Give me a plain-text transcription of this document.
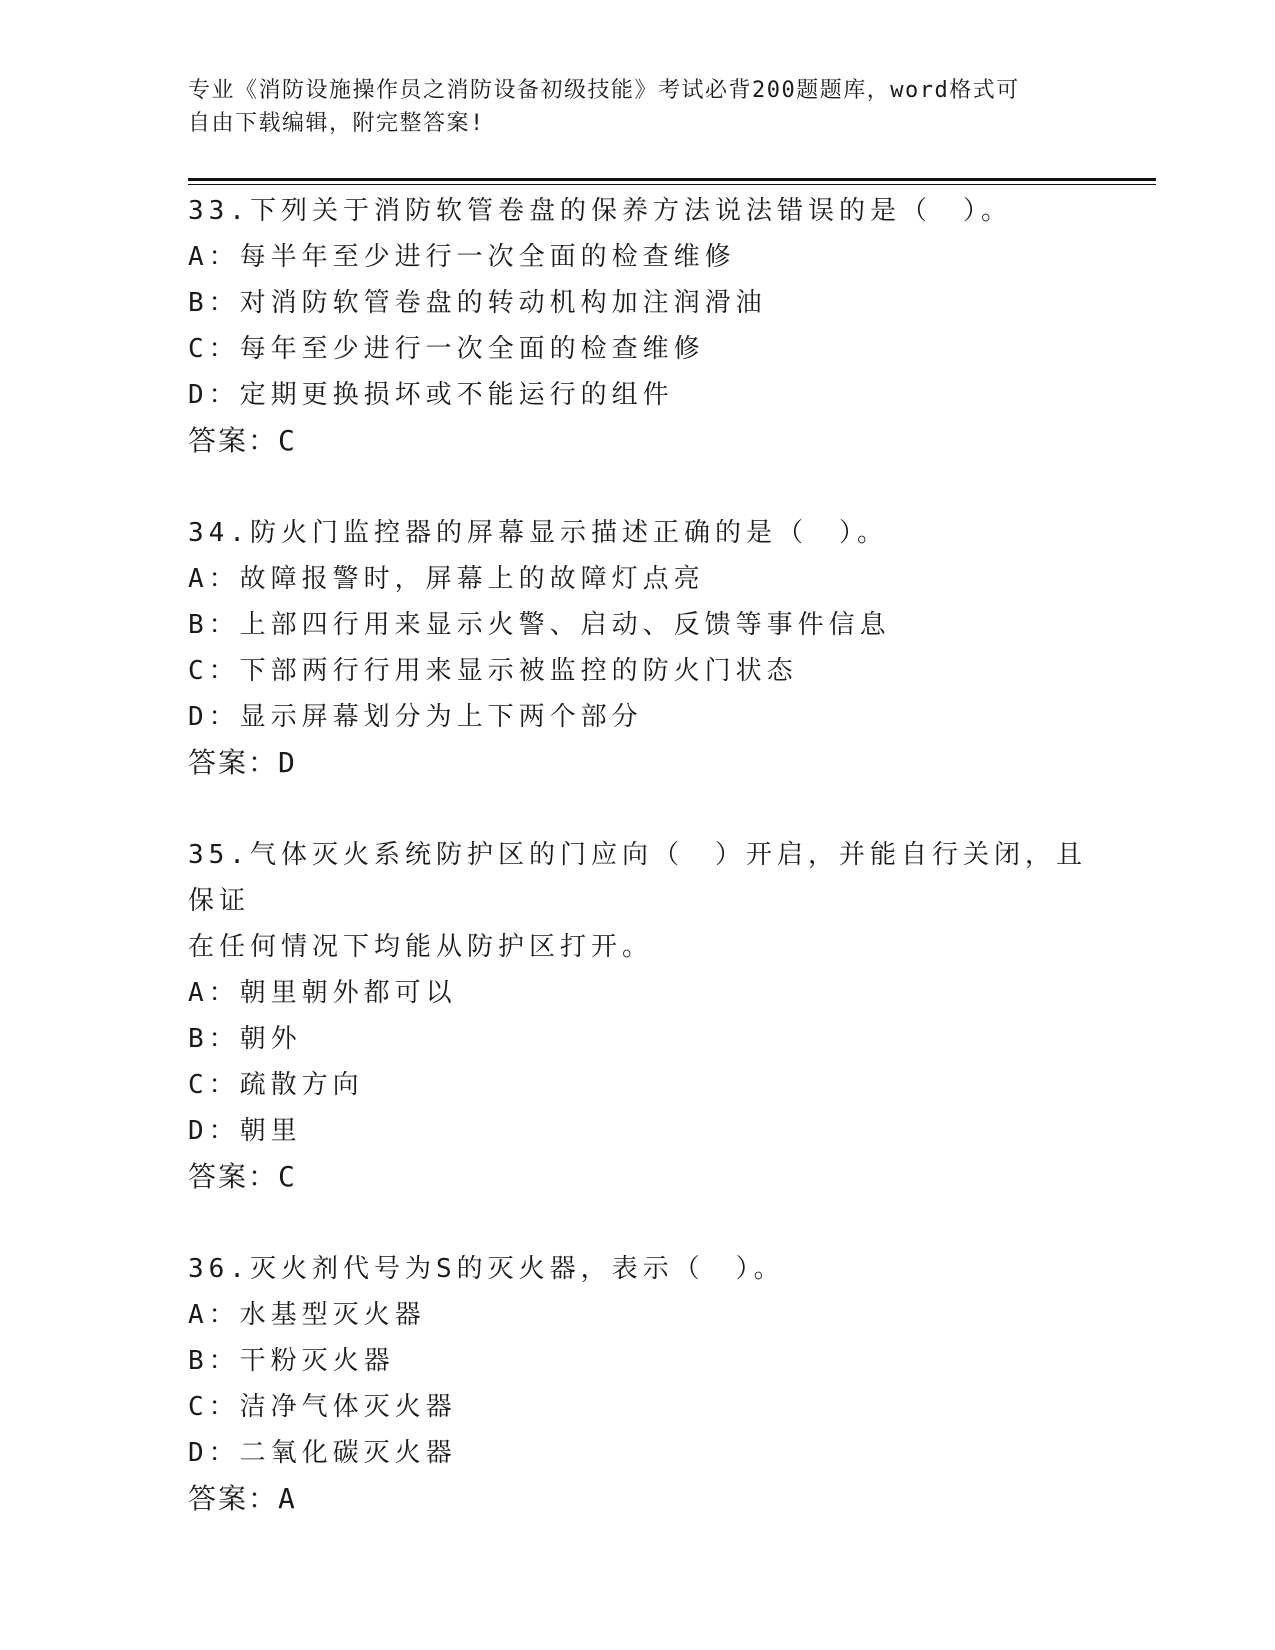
专业《消防设施操作员之消防设备初级技能》考试必背200题题库，word格式可
自由下载编辑，附完整答案!

33.下列关于消防软管卷盘的保养方法说法错误的是（　）。

A：每半年至少进行一次全面的检查维修

B：对消防软管卷盘的转动机构加注润滑油

C：每年至少进行一次全面的检查维修

D：定期更换损坏或不能运行的组件

答案：C

34.防火门监控器的屏幕显示描述正确的是（　）。

A：故障报警时，屏幕上的故障灯点亮

B：上部四行用来显示火警、启动、反馈等事件信息

C：下部两行行用来显示被监控的防火门状态

D：显示屏幕划分为上下两个部分

答案：D

35.气体灭火系统防护区的门应向（　）开启，并能自行关闭，且保证

在任何情况下均能从防护区打开。

A：朝里朝外都可以

B：朝外

C：疏散方向

D：朝里

答案：C

36.灭火剂代号为S的灭火器，表示（　）。

A：水基型灭火器

B：干粉灭火器

C：洁净气体灭火器

D：二氧化碳灭火器

答案：A
